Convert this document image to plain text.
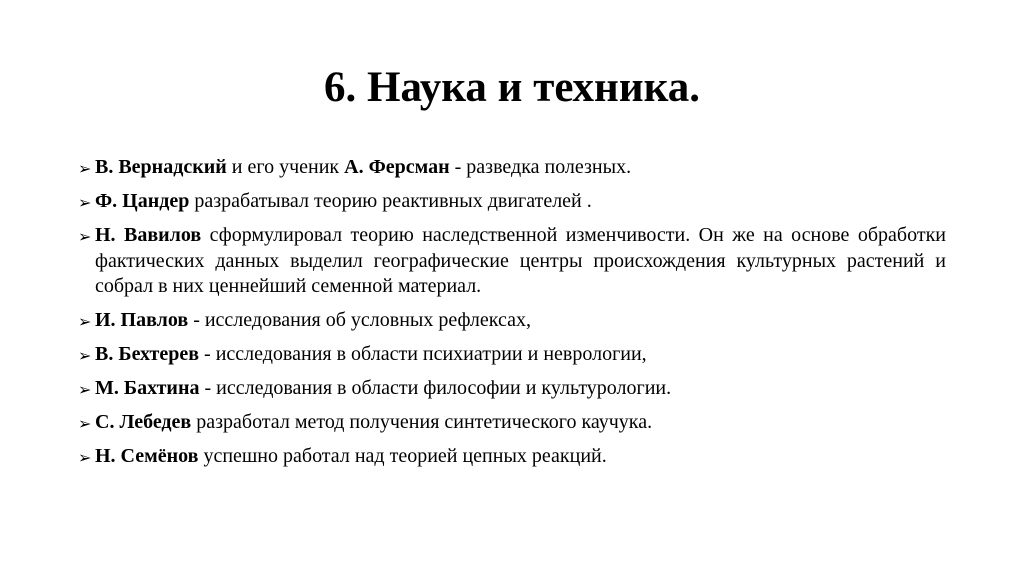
6. Наука и техника.
➢ В. Вернадский и его ученик А. Ферсман - разведка полезных.
➢ Ф. Цандер разрабатывал теорию реактивных двигателей .
➢ Н. Вавилов сформулировал теорию наследственной изменчивости. Он же на основе обработки фактических данных выделил географические центры происхождения культурных растений и собрал в них ценнейший семенной материал.
➢ И. Павлов - исследования об условных рефлексах,
➢ В. Бехтерев - исследования в области психиатрии и неврологии,
➢ М. Бахтина - исследования в области философии и культурологии.
➢ С. Лебедев разработал метод получения синтетического каучука.
➢ Н. Семёнов успешно работал над теорией цепных реакций.
